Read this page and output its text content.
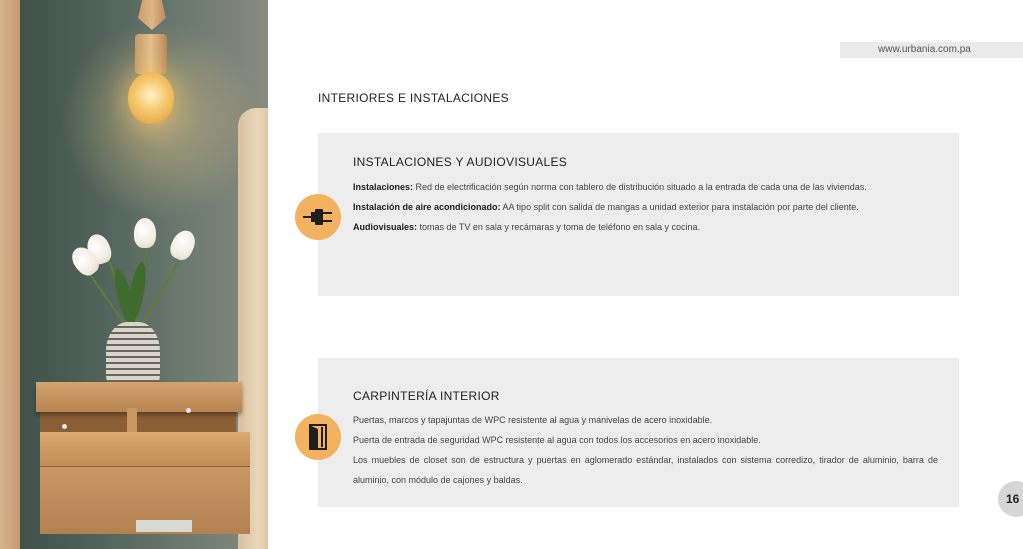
www.urbania.com.pa
INTERIORES E INSTALACIONES
INSTALACIONES Y AUDIOVISUALES

Instalaciones: Red de electrificación según norma con tablero de distribución situado a la entrada de cada una de las viviendas.

Instalación de aire acondicionado: AA tipo split con salida de mangas a unidad exterior para instalación por parte del cliente.

Audiovisuales: tomas de TV en sala y recámaras y toma de teléfono en sala y cocina.

CARPINTERÍA INTERIOR

Puertas, marcos y tapajuntas de WPC resistente al agua y manivelas de acero inoxidable.

Puerta de entrada de seguridad WPC resistente al agua con todos los accesorios en acero inoxidable.

Los muebles de closet son de estructura y puertas en aglomerado estándar, instalados con sistema corredizo, tirador de aluminio, barra de aluminio, con módulo de cajones y baldas.

16
